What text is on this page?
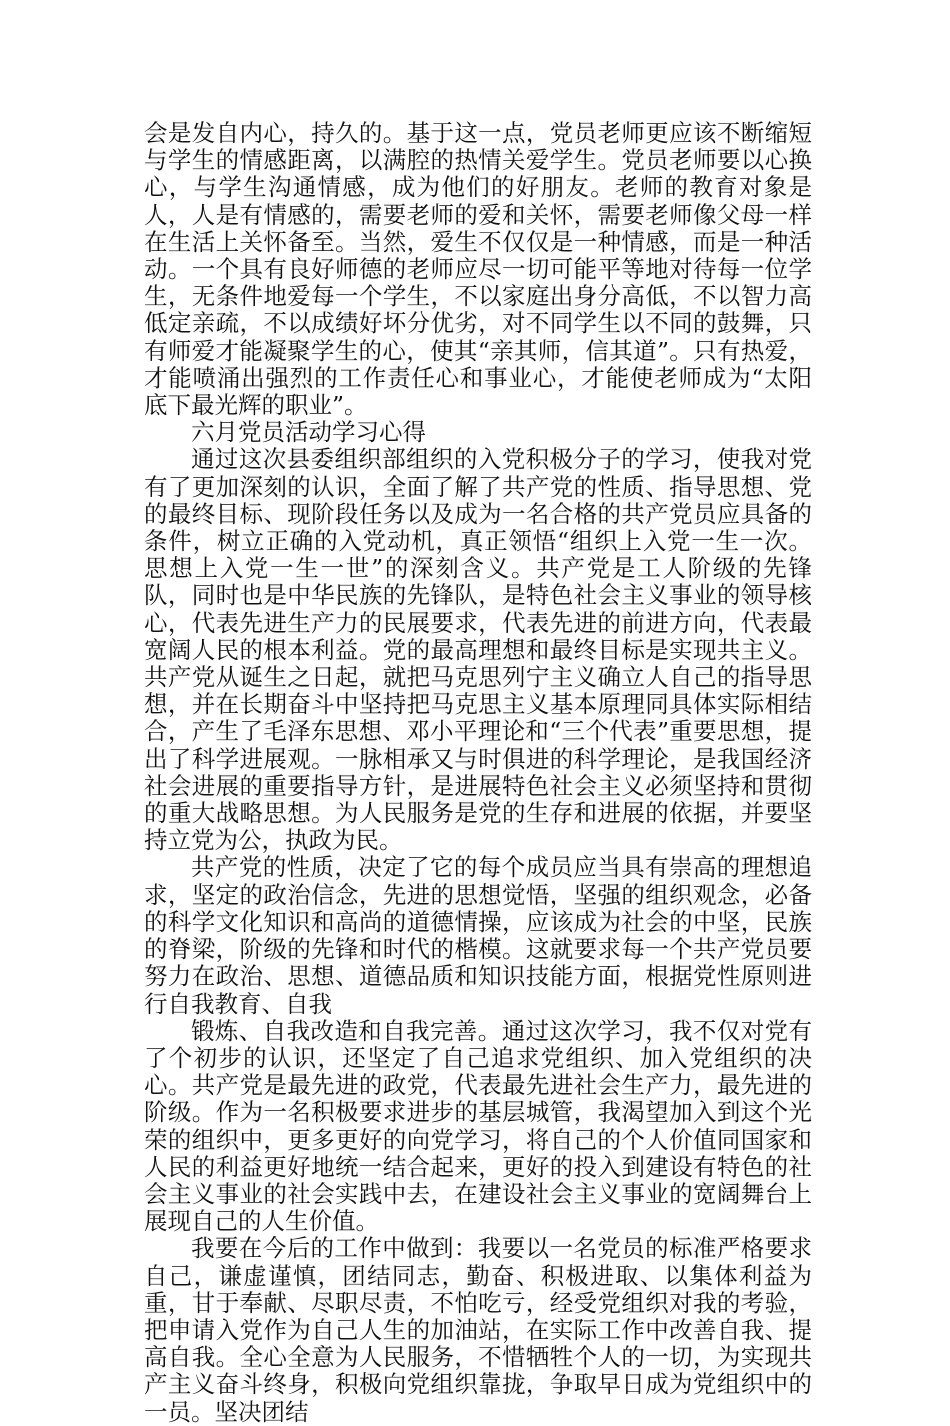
会是发自内心，持久的。基于这一点，党员老师更应该不断缩短与学生的情感距离，以满腔的热情关爱学生。党员老师要以心换心，与学生沟通情感，成为他们的好朋友。老师的教育对象是人，人是有情感的，需要老师的爱和关怀，需要老师像父母一样在生活上关怀备至。当然，爱生不仅仅是一种情感，而是一种活动。一个具有良好师德的老师应尽一切可能平等地对待每一位学生，无条件地爱每一个学生，不以家庭出身分高低，不以智力高低定亲疏，不以成绩好坏分优劣，对不同学生以不同的鼓舞，只有师爱才能凝聚学生的心，使其“亲其师，信其道”。只有热爱，才能喷涌出强烈的工作责任心和事业心，才能使老师成为“太阳底下最光辉的职业”。

六月党员活动学习心得

通过这次县委组织部组织的入党积极分子的学习，使我对党有了更加深刻的认识，全面了解了共产党的性质、指导思想、党的最终目标、现阶段任务以及成为一名合格的共产党员应具备的条件，树立正确的入党动机，真正领悟“组织上入党一生一次。思想上入党一生一世”的深刻含义。共产党是工人阶级的先锋队，同时也是中华民族的先锋队，是特色社会主义事业的领导核心，代表先进生产力的民展要求，代表先进的前进方向，代表最宽阔人民的根本利益。党的最高理想和最终目标是实现共主义。共产党从诞生之日起，就把马克思列宁主义确立人自己的指导思想，并在长期奋斗中坚持把马克思主义基本原理同具体实际相结合，产生了毛泽东思想、邓小平理论和“三个代表”重要思想，提出了科学进展观。一脉相承又与时俱进的科学理论，是我国经济社会进展的重要指导方针，是进展特色社会主义必须坚持和贯彻的重大战略思想。为人民服务是党的生存和进展的依据，并要坚持立党为公，执政为民。

共产党的性质，决定了它的每个成员应当具有崇高的理想追求，坚定的政治信念，先进的思想觉悟，坚强的组织观念，必备的科学文化知识和高尚的道德情操，应该成为社会的中坚，民族的脊梁，阶级的先锋和时代的楷模。这就要求每一个共产党员要努力在政治、思想、道德品质和知识技能方面，根据党性原则进行自我教育、自我

锻炼、自我改造和自我完善。通过这次学习，我不仅对党有了个初步的认识，还坚定了自己追求党组织、加入党组织的决心。共产党是最先进的政党，代表最先进社会生产力，最先进的阶级。作为一名积极要求进步的基层城管，我渴望加入到这个光荣的组织中，更多更好的向党学习，将自己的个人价值同国家和人民的利益更好地统一结合起来，更好的投入到建设有特色的社会主义事业的社会实践中去，在建设社会主义事业的宽阔舞台上展现自己的人生价值。

我要在今后的工作中做到：我要以一名党员的标准严格要求自己，谦虚谨慎，团结同志，勤奋、积极进取、以集体利益为重，甘于奉献、尽职尽责，不怕吃亏，经受党组织对我的考验，把申请入党作为自己人生的加油站，在实际工作中改善自我、提高自我。全心全意为人民服务，不惜牺牲个人的一切，为实现共产主义奋斗终身，积极向党组织靠拢，争取早日成为党组织中的一员。坚决团结
